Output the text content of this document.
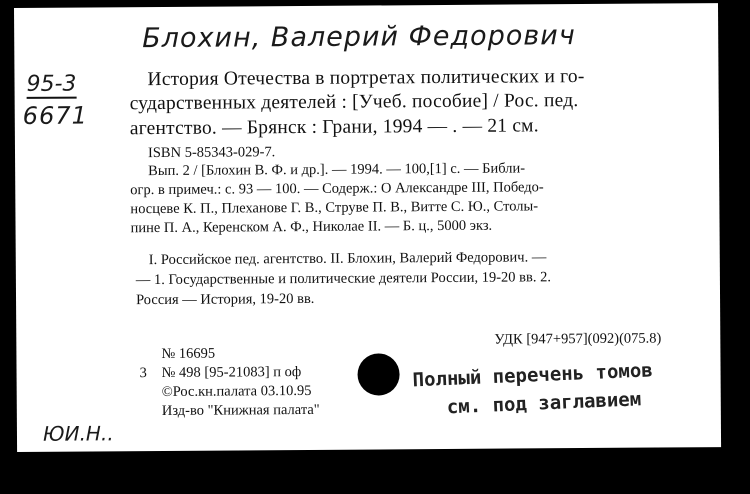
Блохин, Валерий Федорович
95-3
6671
История Отечества в портретах политических и го-
сударственных деятелей : [Учеб. пособие] / Рос. пед.
агентство. — Брянск : Грани, 1994 — . — 21 см.
ISBN 5-85343-029-7.
Вып. 2 / [Блохин В. Ф. и др.]. — 1994. — 100,[1] с. — Библи-
огр. в примеч.: с. 93 — 100. — Содерж.: О Александре III, Победо-
носцеве К. П., Плеханове Г. В., Струве П. В., Витте С. Ю., Столы-
пине П. А., Керенском А. Ф., Николае II. — Б. ц., 5000 экз.
I. Российское пед. агентство. II. Блохин, Валерий Федорович. —
— 1. Государственные и политические деятели России, 19-20 вв. 2.
Россия — История, 19-20 вв.
№ 16695
3 № 498 [95-21083] п оф
©Рос.кн.палата 03.10.95
Изд-во "Книжная палата"
УДК [947+957](092)(075.8)
Полный перечень томов
см. под заглавием
ЮИ.Н..
